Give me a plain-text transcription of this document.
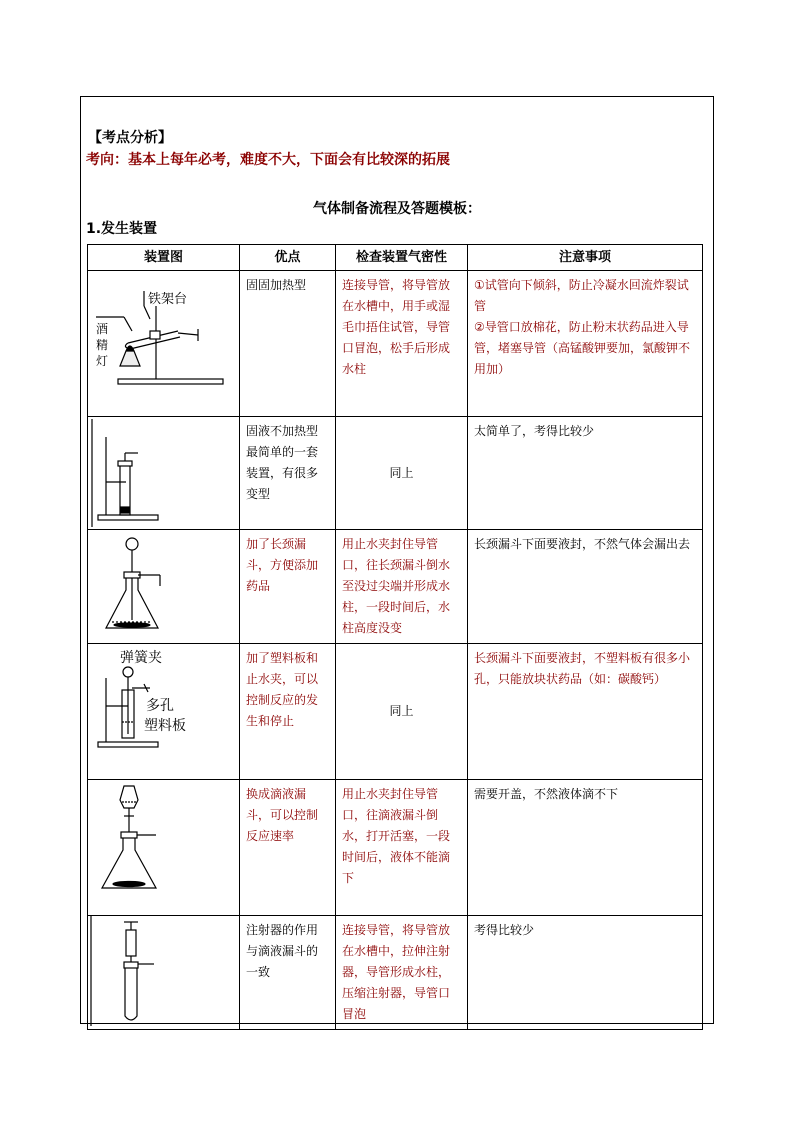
【考点分析】
考向：基本上每年必考，难度不大，下面会有比较深的拓展
气体制备流程及答题模板：
1.发生装置
装置图	优点	检查装置气密性	注意事项

铁架台
酒
精
灯	固固加热型	连接导管，将导管放在水槽中，用手或湿毛巾捂住试管，导管口冒泡，松手后形成水柱	①试管向下倾斜，防止冷凝水回流炸裂试管
②导管口放棉花，防止粉末状药品进入导管，堵塞导管（高锰酸钾要加，氯酸钾不用加）

	固液不加热型最简单的一套装置，有很多变型	同上	太简单了，考得比较少

	加了长颈漏斗，方便添加药品	用止水夹封住导管口，往长颈漏斗倒水至没过尖端并形成水柱，一段时间后，水柱高度没变	长颈漏斗下面要液封，不然气体会漏出去

弹簧夹
多孔
塑料板	加了塑料板和止水夹，可以控制反应的发生和停止	同上	长颈漏斗下面要液封，不塑料板有很多小孔，只能放块状药品（如：碳酸钙）

	换成滴液漏斗，可以控制反应速率	用止水夹封住导管口，往滴液漏斗倒水，打开活塞，一段时间后，液体不能滴下	需要开盖，不然液体滴不下

	注射器的作用与滴液漏斗的一致	连接导管，将导管放在水槽中，拉伸注射器，导管形成水柱，压缩注射器，导管口冒泡	考得比较少
